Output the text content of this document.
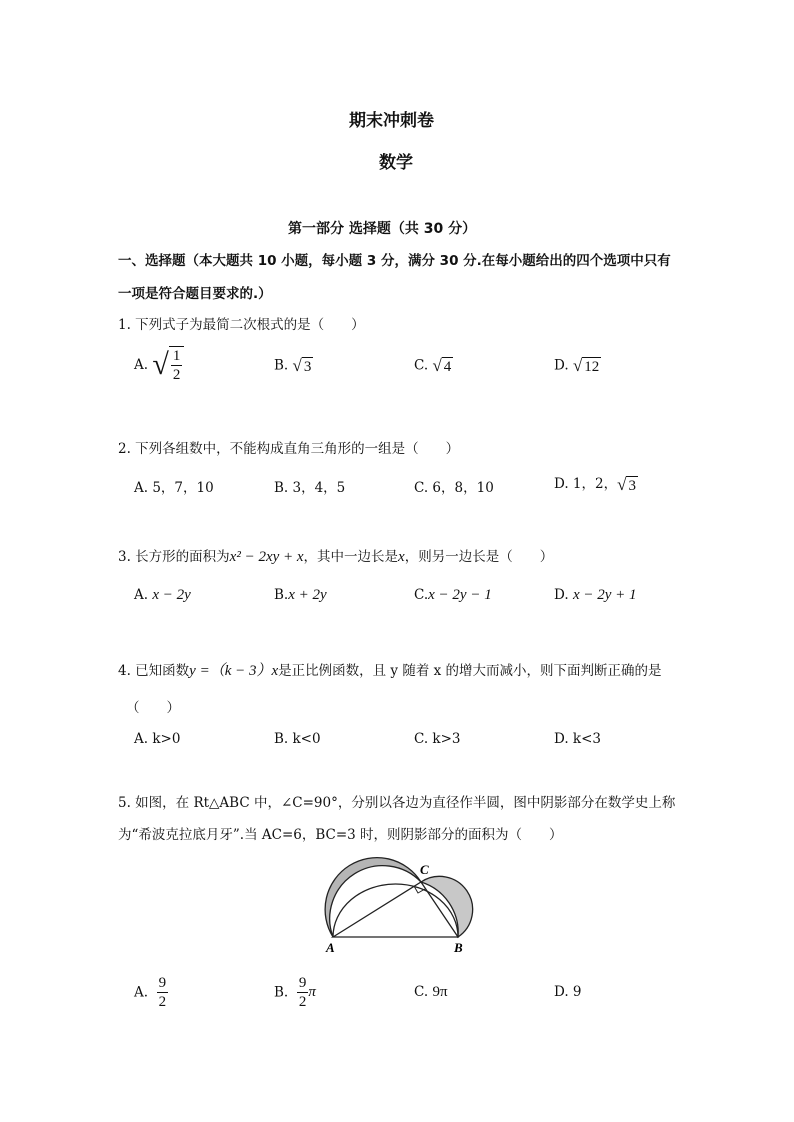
期末冲刺卷
数学
第一部分 选择题（共 30 分）
一、选择题（本大题共 10 小题，每小题 3 分，满分 30 分.在每小题给出的四个选项中只有
一项是符合题目要求的.）
1. 下列式子为最简二次根式的是（　　）
A. √ $\frac{1}{2}$	B. √ 3	C. √ 4	D. √ 12
2. 下列各组数中，不能构成直角三角形的一组是（　　）
A. 5，7，10	B. 3，4，5	C. 6，8，10	D. 1，2，√ 3
3. 长方形的面积为x² − 2xy + x，其中一边长是x，则另一边长是（　　）
A. x − 2y	B.x + 2y	C.x − 2y − 1	D. x − 2y + 1
4. 已知函数y =（k − 3）x是正比例函数，且 y 随着 x 的增大而减小，则下面判断正确的是
（　　）
A. k>0	B. k<0	C. k>3	D. k<3
5. 如图，在 Rt△ABC 中，∠C=90°，分别以各边为直径作半圆，图中阴影部分在数学史上称
为“希波克拉底月牙”.当 AC=6，BC=3 时，则阴影部分的面积为（　　）
A	B
C
A. $\frac{9}{2}$	B. $\frac{9}{2}$ π	C. 9π	D. 9
